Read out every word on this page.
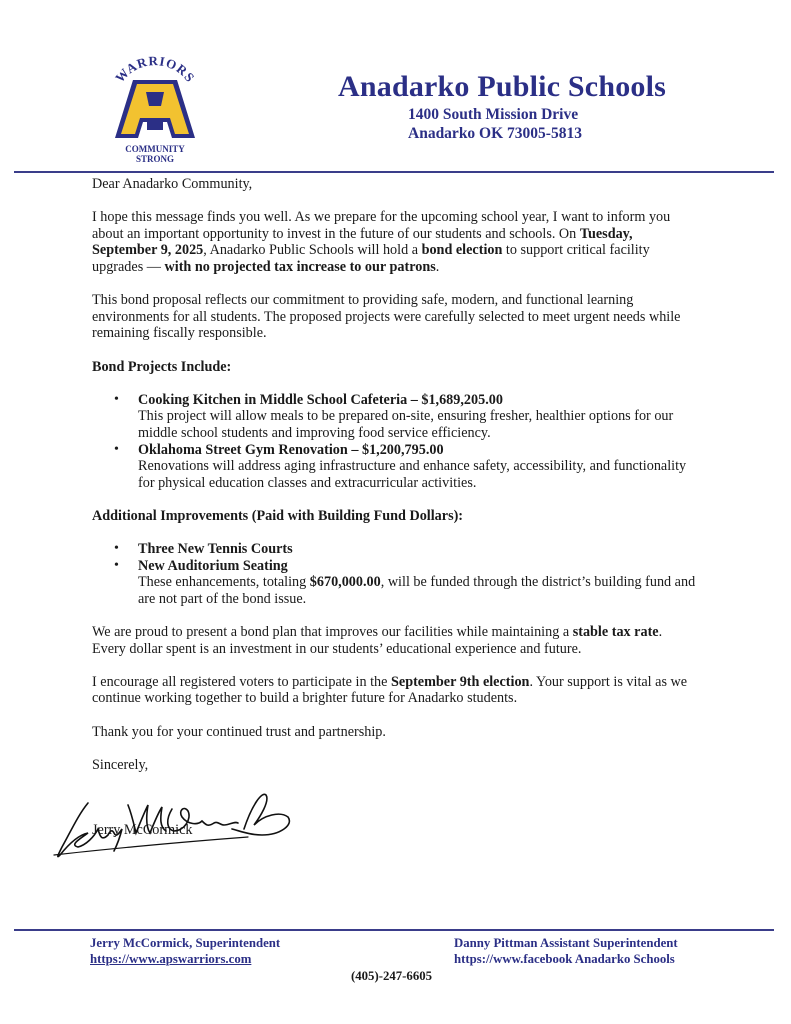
WARRIORS
COMMUNITY
STRONG
Anadarko Public Schools
1400 South Mission Drive
Anadarko OK 73005-5813

Dear Anadarko Community,

I hope this message finds you well. As we prepare for the upcoming school year, I want to inform you about an important opportunity to invest in the future of our students and schools. On Tuesday, September 9, 2025, Anadarko Public Schools will hold a bond election to support critical facility upgrades — with no projected tax increase to our patrons.

This bond proposal reflects our commitment to providing safe, modern, and functional learning environments for all students. The proposed projects were carefully selected to meet urgent needs while remaining fiscally responsible.

Bond Projects Include:

• Cooking Kitchen in Middle School Cafeteria – $1,689,205.00
This project will allow meals to be prepared on-site, ensuring fresher, healthier options for our middle school students and improving food service efficiency.
• Oklahoma Street Gym Renovation – $1,200,795.00
Renovations will address aging infrastructure and enhance safety, accessibility, and functionality for physical education classes and extracurricular activities.

Additional Improvements (Paid with Building Fund Dollars):

• Three New Tennis Courts
• New Auditorium Seating
These enhancements, totaling $670,000.00, will be funded through the district’s building fund and are not part of the bond issue.

We are proud to present a bond plan that improves our facilities while maintaining a stable tax rate. Every dollar spent is an investment in our students’ educational experience and future.

I encourage all registered voters to participate in the September 9th election. Your support is vital as we continue working together to build a brighter future for Anadarko students.

Thank you for your continued trust and partnership.

Sincerely,

Jerry McCormick

Jerry McCormick, Superintendent
https://www.apswarriors.com
Danny Pittman Assistant Superintendent
https://www.facebook Anadarko Schools
(405)-247-6605
